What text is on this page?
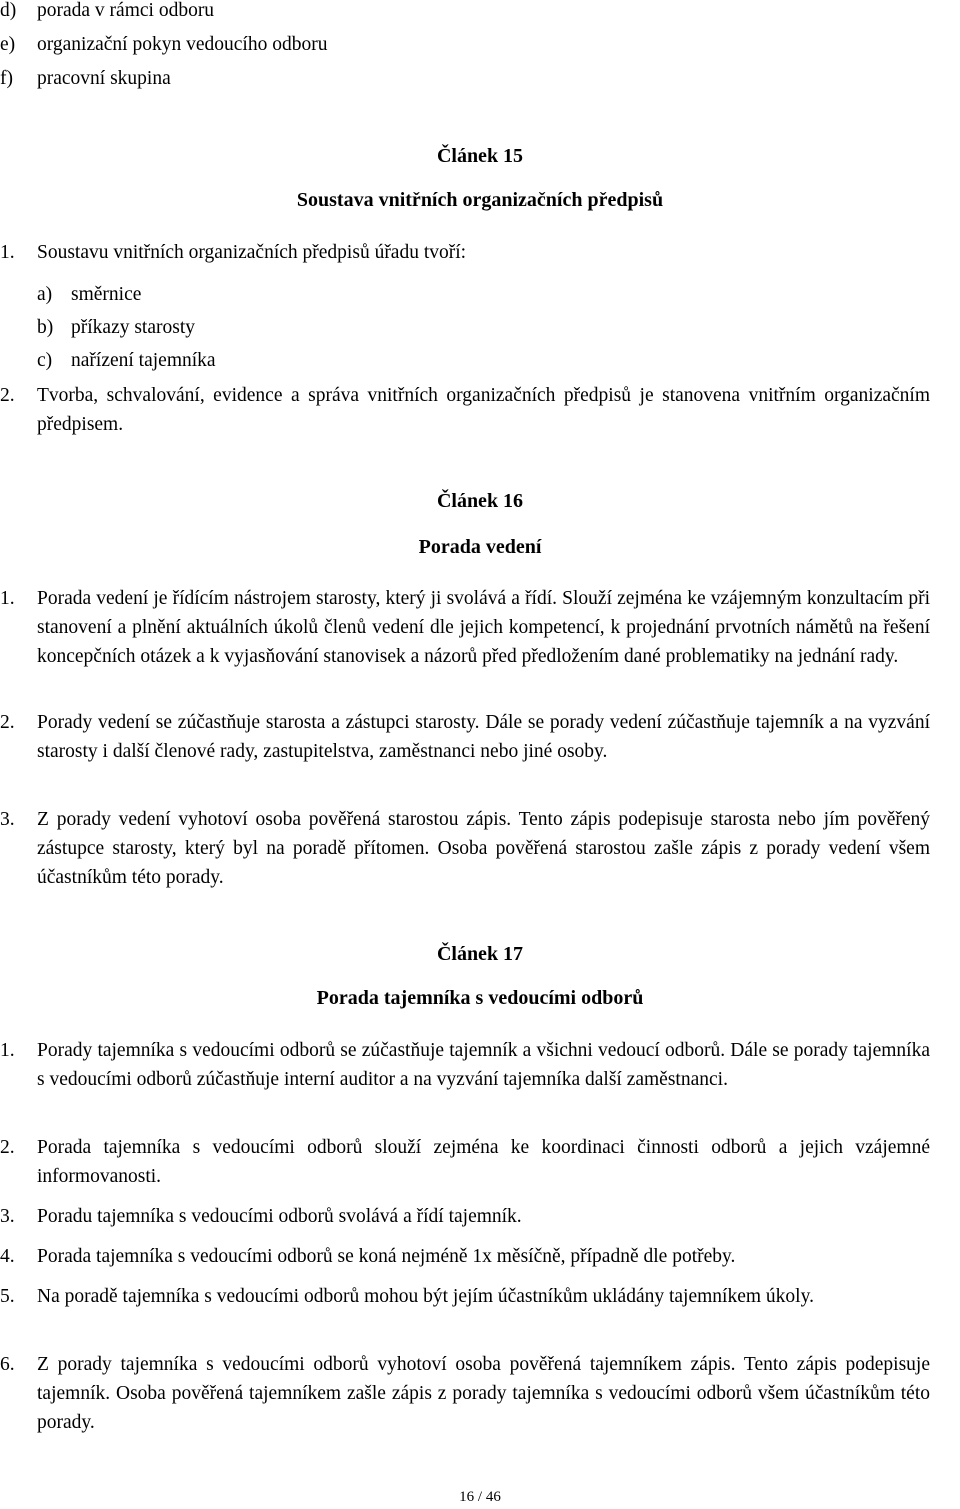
d)	porada v rámci odboru
e)	organizační pokyn vedoucího odboru
f)	pracovní skupina
Článek 15
Soustava vnitřních organizačních předpisů
1.	Soustavu vnitřních organizačních předpisů úřadu tvoří:
a) směrnice
b) příkazy starosty
c) nařízení tajemníka
2.	Tvorba, schvalování, evidence a správa vnitřních organizačních předpisů je stanovena vnitřním organizačním předpisem.
Článek 16
Porada vedení
1.	Porada vedení je řídícím nástrojem starosty, který ji svolává a řídí. Slouží zejména ke vzájemným konzultacím při stanovení a plnění aktuálních úkolů členů vedení dle jejich kompetencí, k projednání prvotních námětů na řešení koncepčních otázek a k vyjasňování stanovisek a názorů před předložením dané problematiky na jednání rady.
2.	Porady vedení se zúčastňuje starosta a zástupci starosty. Dále se porady vedení zúčastňuje tajemník a na vyzvání starosty i další členové rady, zastupitelstva, zaměstnanci nebo jiné osoby.
3.	Z porady vedení vyhotoví osoba pověřená starostou zápis. Tento zápis podepisuje starosta nebo jím pověřený zástupce starosty, který byl na poradě přítomen. Osoba pověřená starostou zašle zápis z porady vedení všem účastníkům této porady.
Článek 17
Porada tajemníka s vedoucími odborů
1.	Porady tajemníka s vedoucími odborů se zúčastňuje tajemník a všichni vedoucí odborů. Dále se porady tajemníka s vedoucími odborů zúčastňuje interní auditor a na vyzvání tajemníka další zaměstnanci.
2.	Porada tajemníka s vedoucími odborů slouží zejména ke koordinaci činnosti odborů a jejich vzájemné informovanosti.
3.	Poradu tajemníka s vedoucími odborů svolává a řídí tajemník.
4.	Porada tajemníka s vedoucími odborů se koná nejméně 1x měsíčně, případně dle potřeby.
5.	Na poradě tajemníka s vedoucími odborů mohou být jejím účastníkům ukládány tajemníkem úkoly.
6.	Z porady tajemníka s vedoucími odborů vyhotoví osoba pověřená tajemníkem zápis. Tento zápis podepisuje tajemník. Osoba pověřená tajemníkem zašle zápis z porady tajemníka s vedoucími odborů všem účastníkům této porady.
16 / 46
